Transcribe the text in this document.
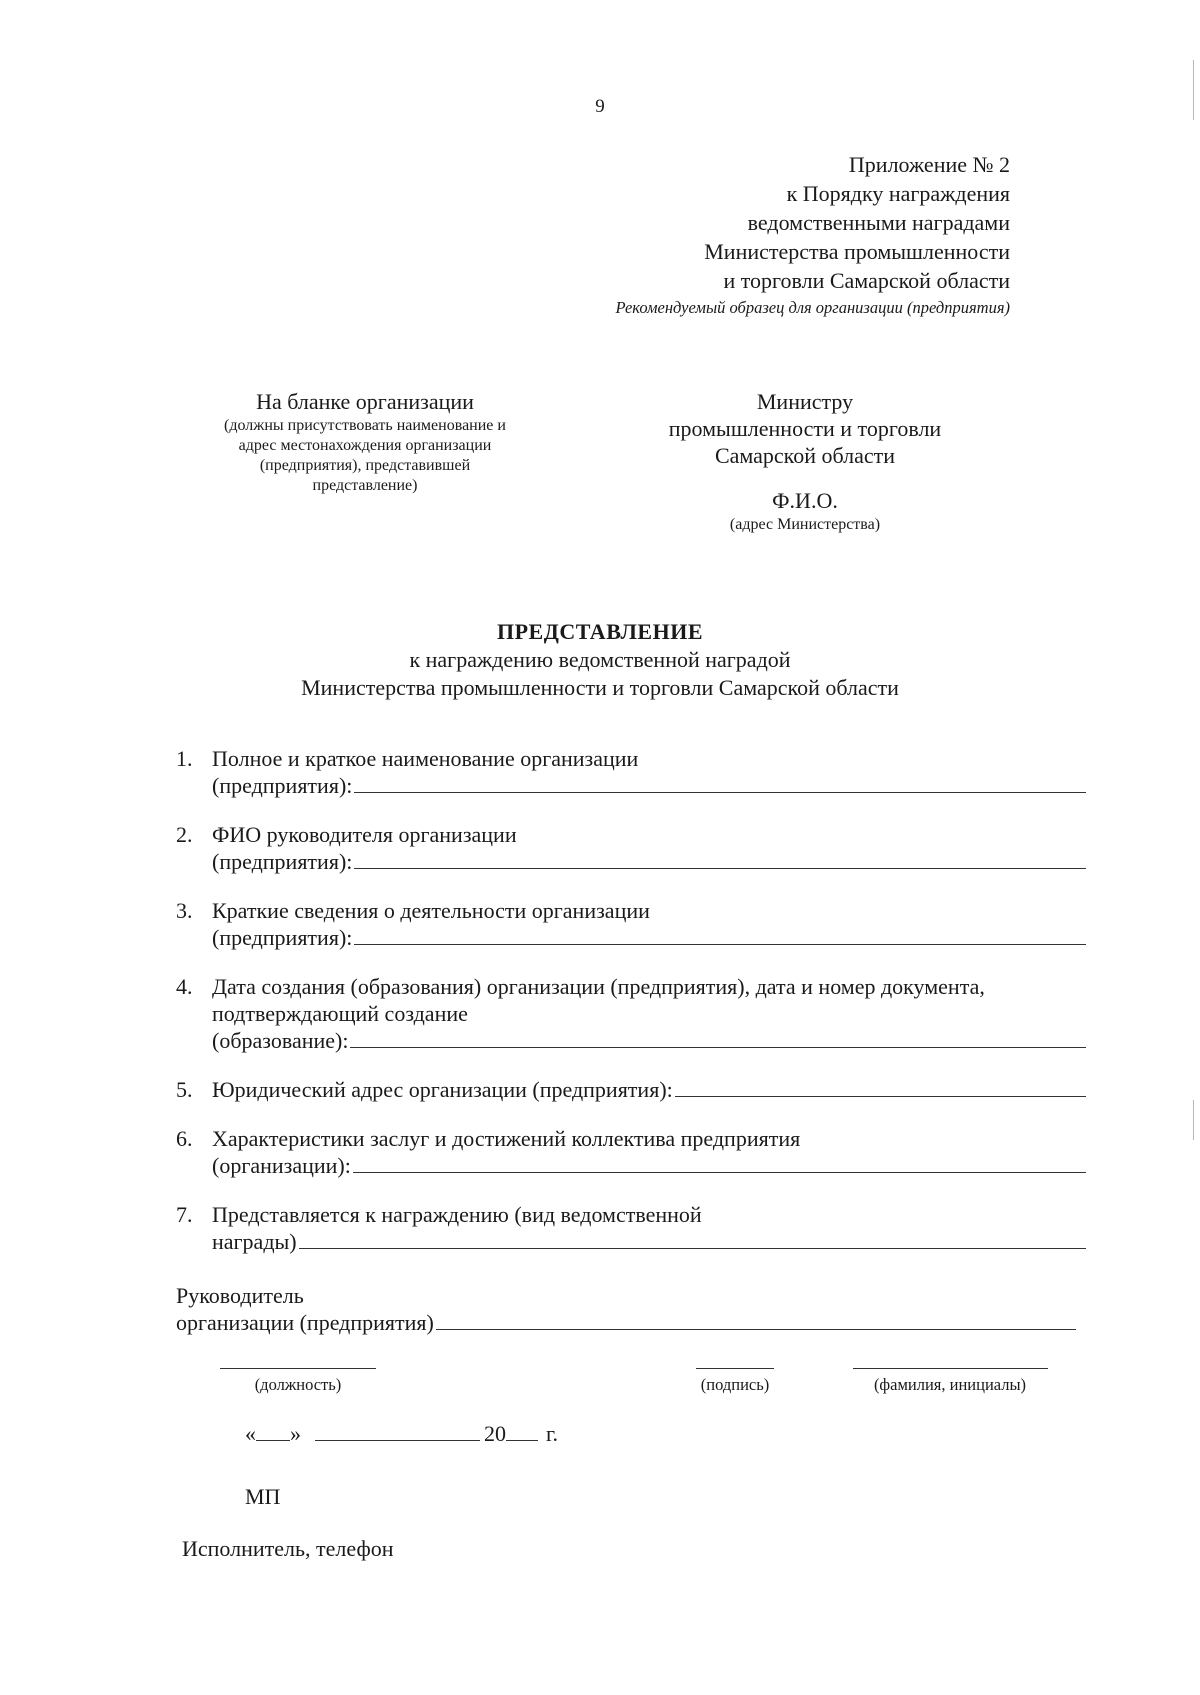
9
Приложение № 2
к Порядку награждения
ведомственными наградами
Министерства промышленности
и торговли Самарской области
Рекомендуемый образец для организации (предприятия)
На бланке организации
(должны присутствовать наименование и
адрес местонахождения организации
(предприятия), представившей
представление)
Министру
промышленности и торговли
Самарской области
Ф.И.О.
(адрес Министерства)
ПРЕДСТАВЛЕНИЕ
к награждению ведомственной наградой
Министерства промышленности и торговли Самарской области
1. Полное и краткое наименование организации
(предприятия):
2. ФИО руководителя организации
(предприятия):
3. Краткие сведения о деятельности организации
(предприятия):
4. Дата создания (образования) организации (предприятия), дата и номер документа,
подтверждающий создание
(образование):
5. Юридический адрес организации (предприятия):
6. Характеристики заслуг и достижений коллектива предприятия
(организации):
7. Представляется к награждению (вид ведомственной
награды)
Руководитель
организации (предприятия)
(должность)	(подпись)	(фамилия, инициалы)
« »	20 г.
МП
Исполнитель, телефон
